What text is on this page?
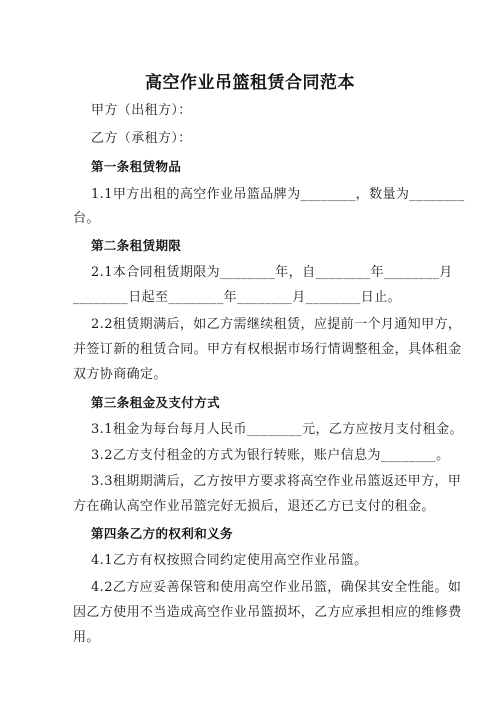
高空作业吊篮租赁合同范本
甲方（出租方）：
乙方（承租方）：
第一条租赁物品
1.1甲方出租的高空作业吊篮品牌为________，数量为________
台。
第二条租赁期限
2.1本合同租赁期限为________年，自________年________月
________日起至________年________月________日止。
2.2租赁期满后，如乙方需继续租赁，应提前一个月通知甲方，
并签订新的租赁合同。甲方有权根据市场行情调整租金，具体租金
双方协商确定。
第三条租金及支付方式
3.1租金为每台每月人民币________元，乙方应按月支付租金。
3.2乙方支付租金的方式为银行转账，账户信息为________。
3.3租期期满后，乙方按甲方要求将高空作业吊篮返还甲方，甲
方在确认高空作业吊篮完好无损后，退还乙方已支付的租金。
第四条乙方的权利和义务
4.1乙方有权按照合同约定使用高空作业吊篮。
4.2乙方应妥善保管和使用高空作业吊篮，确保其安全性能。如
因乙方使用不当造成高空作业吊篮损坏，乙方应承担相应的维修费
用。
